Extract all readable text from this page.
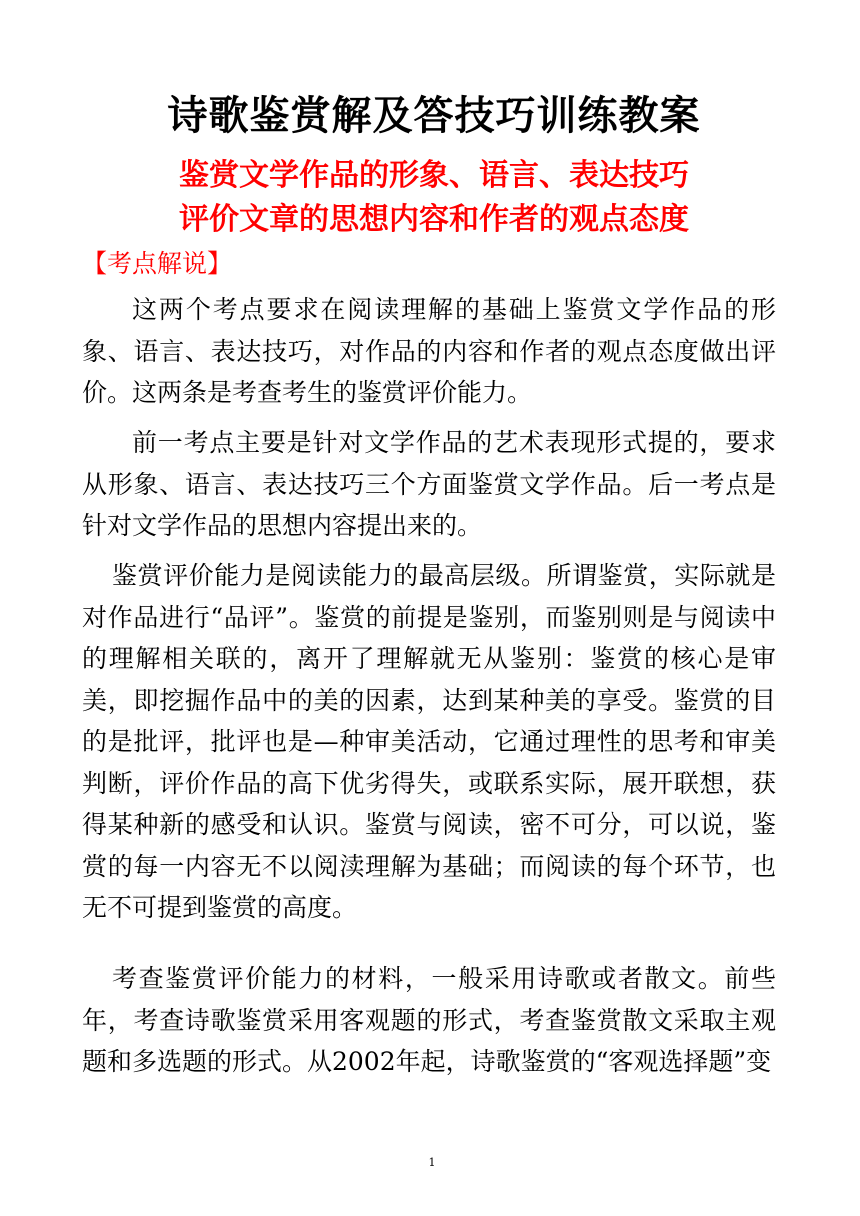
诗歌鉴赏解及答技巧训练教案
鉴赏文学作品的形象、语言、表达技巧
评价文章的思想内容和作者的观点态度
【考点解说】

这两个考点要求在阅读理解的基础上鉴赏文学作品的形象、语言、表达技巧，对作品的内容和作者的观点态度做出评价。这两条是考查考生的鉴赏评价能力。

前一考点主要是针对文学作品的艺术表现形式提的，要求从形象、语言、表达技巧三个方面鉴赏文学作品。后一考点是针对文学作品的思想内容提出来的。

鉴赏评价能力是阅读能力的最高层级。所谓鉴赏，实际就是对作品进行“品评”。鉴赏的前提是鉴别，而鉴别则是与阅读中的理解相关联的，离开了理解就无从鉴别：鉴赏的核心是审美，即挖掘作品中的美的因素，达到某种美的享受。鉴赏的目的是批评，批评也是—种审美活动，它通过理性的思考和审美判断，评价作品的高下优劣得失，或联系实际，展开联想，获得某种新的感受和认识。鉴赏与阅读，密不可分，可以说，鉴赏的每一内容无不以阅渎理解为基础；而阅读的每个环节，也无不可提到鉴赏的高度。

考查鉴赏评价能力的材料，一般采用诗歌或者散文。前些年，考查诗歌鉴赏采用客观题的形式，考查鉴赏散文采取主观题和多选题的形式。从2002年起，诗歌鉴赏的“客观选择题”变

1
